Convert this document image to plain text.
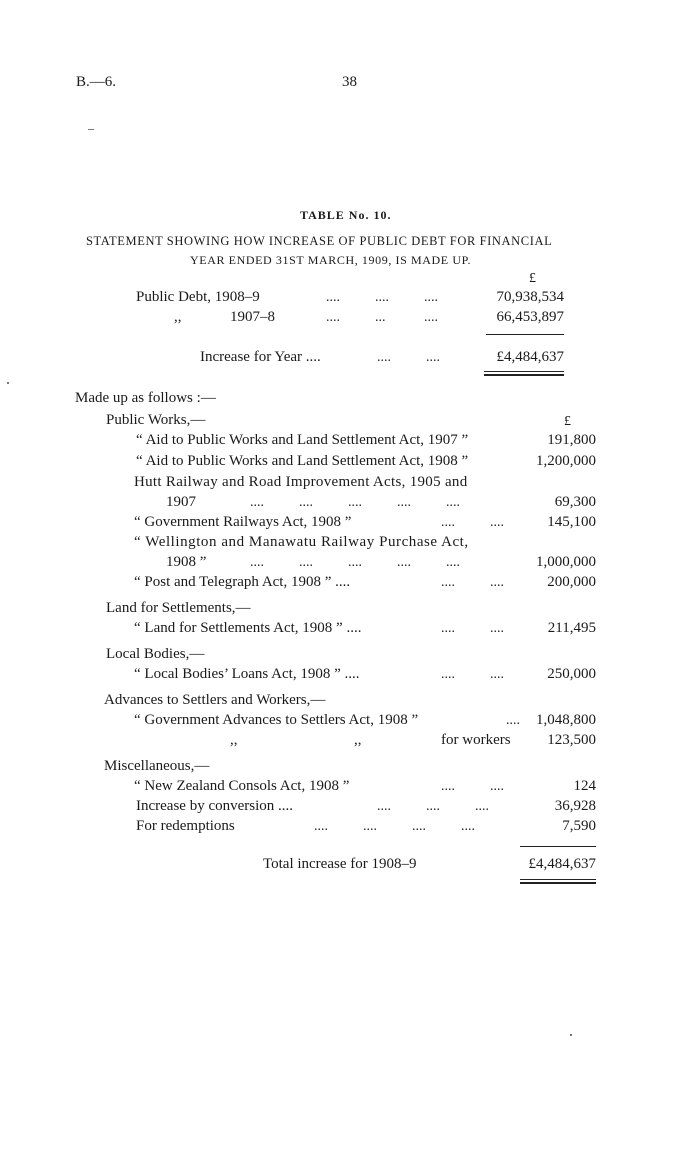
B.—6.	38
TABLE No. 10.
STATEMENT SHOWING HOW INCREASE OF PUBLIC DEBT FOR FINANCIAL
YEAR ENDED 31ST MARCH, 1909, IS MADE UP.
£
Public Debt, 1908–9	....          ....          ....	70,938,534
,,	1907–8	....          ...           ....	66,453,897
Increase for Year ....	....          ....	£4,484,637
Made up as follows :—
Public Works,—	£
“ Aid to Public Works and Land Settlement Act, 1907 ”	191,800
“ Aid to Public Works and Land Settlement Act, 1908 ”	1,200,000
Hutt Railway and Road Improvement Acts, 1905 and
1907	....          ....          ....          ....          ....	69,300
“ Government Railways Act, 1908 ”	....          ....	145,100
“ Wellington and Manawatu Railway Purchase Act,
1908 ”	....          ....          ....          ....          ....	1,000,000
“ Post and Telegraph Act, 1908 ” ....	....          ....	200,000
Land for Settlements,—
“ Land for Settlements Act, 1908 ” ....	....          ....	211,495
Local Bodies,—
“ Local Bodies’ Loans Act, 1908 ” ....	....          ....	250,000
Advances to Settlers and Workers,—
“ Government Advances to Settlers Act, 1908 ”	....	1,048,800
,,	,,	for workers	123,500
Miscellaneous,—
“ New Zealand Consols Act, 1908 ”	....          ....	124
Increase by conversion ....	....          ....          ....	36,928
For redemptions	....          ....          ....          ....	7,590
Total increase for 1908–9	£4,484,637
